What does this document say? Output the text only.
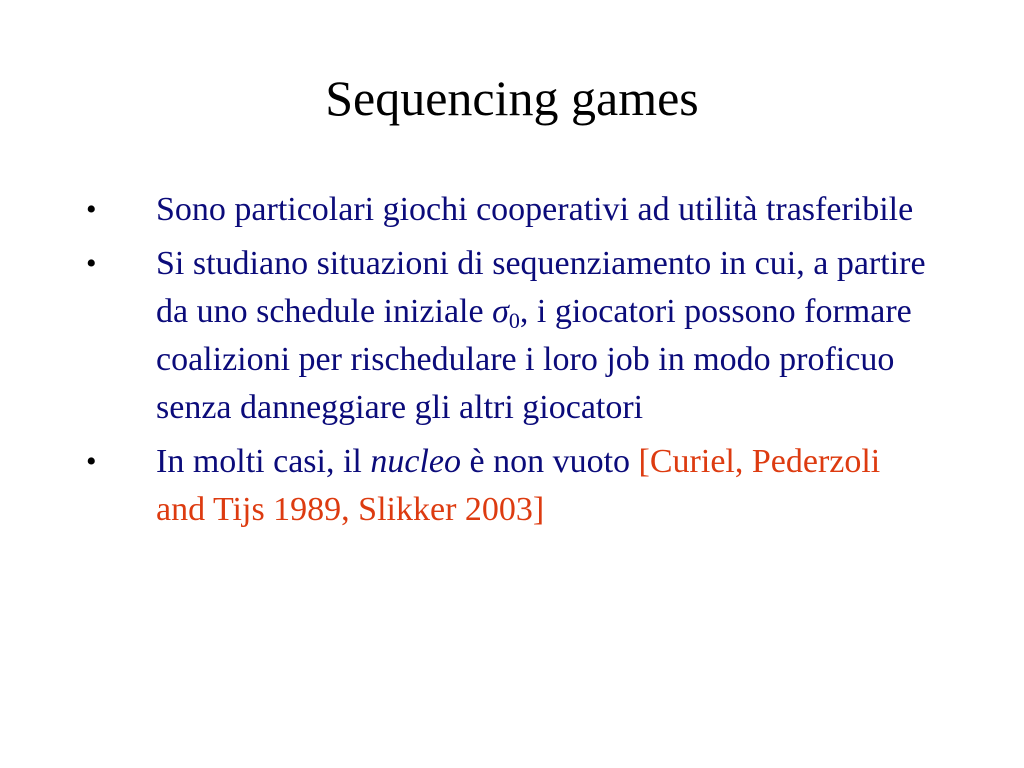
Sequencing games
• Sono particolari giochi cooperativi ad utilità trasferibile
• Si studiano situazioni di sequenziamento in cui, a partire da uno schedule iniziale $\sigma_0$, i giocatori possono formare coalizioni per rischedulare i loro job in modo proficuo senza danneggiare gli altri giocatori
• In molti casi, il nucleo è non vuoto [Curiel, Pederzoli and Tijs 1989, Slikker 2003]
